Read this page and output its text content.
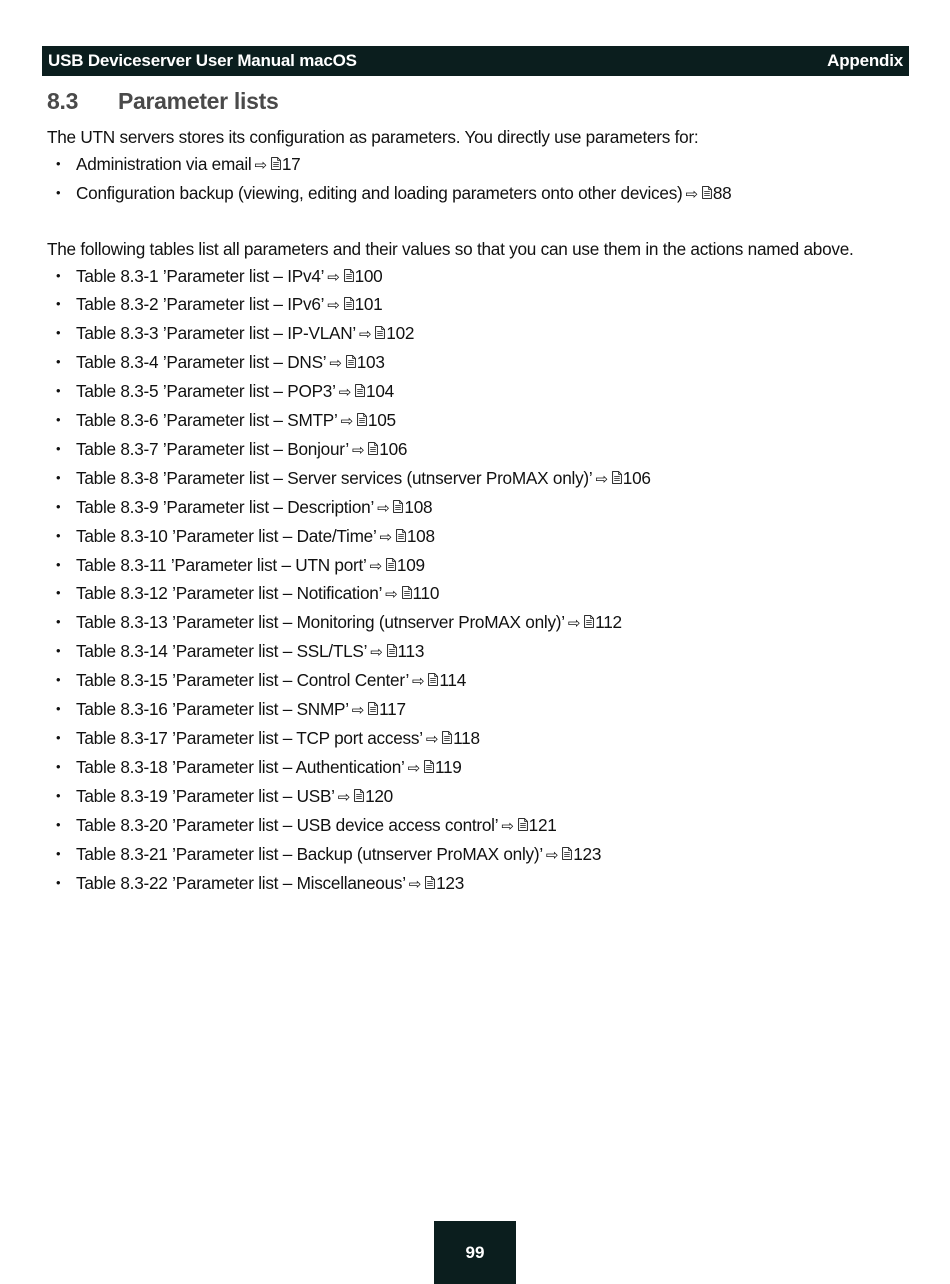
USB Deviceserver User Manual macOS	Appendix
8.3	Parameter lists

The UTN servers stores its configuration as parameters. You directly use parameters for:

• Administration via email ⇨ 17
• Configuration backup (viewing, editing and loading parameters onto other devices) ⇨ 88

The following tables list all parameters and their values so that you can use them in the actions named above.

• Table 8.3-1 ’Parameter list – IPv4’ ⇨ 100
• Table 8.3-2 ’Parameter list – IPv6’ ⇨ 101
• Table 8.3-3 ’Parameter list – IP-VLAN’ ⇨ 102
• Table 8.3-4 ’Parameter list – DNS’ ⇨ 103
• Table 8.3-5 ’Parameter list – POP3’ ⇨ 104
• Table 8.3-6 ’Parameter list – SMTP’ ⇨ 105
• Table 8.3-7 ’Parameter list – Bonjour’ ⇨ 106
• Table 8.3-8 ’Parameter list – Server services (utnserver ProMAX only)’ ⇨ 106
• Table 8.3-9 ’Parameter list – Description’ ⇨ 108
• Table 8.3-10 ’Parameter list – Date/Time’ ⇨ 108
• Table 8.3-11 ’Parameter list – UTN port’ ⇨ 109
• Table 8.3-12 ’Parameter list – Notification’ ⇨ 110
• Table 8.3-13 ’Parameter list – Monitoring (utnserver ProMAX only)’ ⇨ 112
• Table 8.3-14 ’Parameter list – SSL/TLS’ ⇨ 113
• Table 8.3-15 ’Parameter list – Control Center’ ⇨ 114
• Table 8.3-16 ’Parameter list – SNMP’ ⇨ 117
• Table 8.3-17 ’Parameter list – TCP port access’ ⇨ 118
• Table 8.3-18 ’Parameter list – Authentication’ ⇨ 119
• Table 8.3-19 ’Parameter list – USB’ ⇨ 120
• Table 8.3-20 ’Parameter list – USB device access control’ ⇨ 121
• Table 8.3-21 ’Parameter list – Backup (utnserver ProMAX only)’ ⇨ 123
• Table 8.3-22 ’Parameter list – Miscellaneous’ ⇨ 123
99
